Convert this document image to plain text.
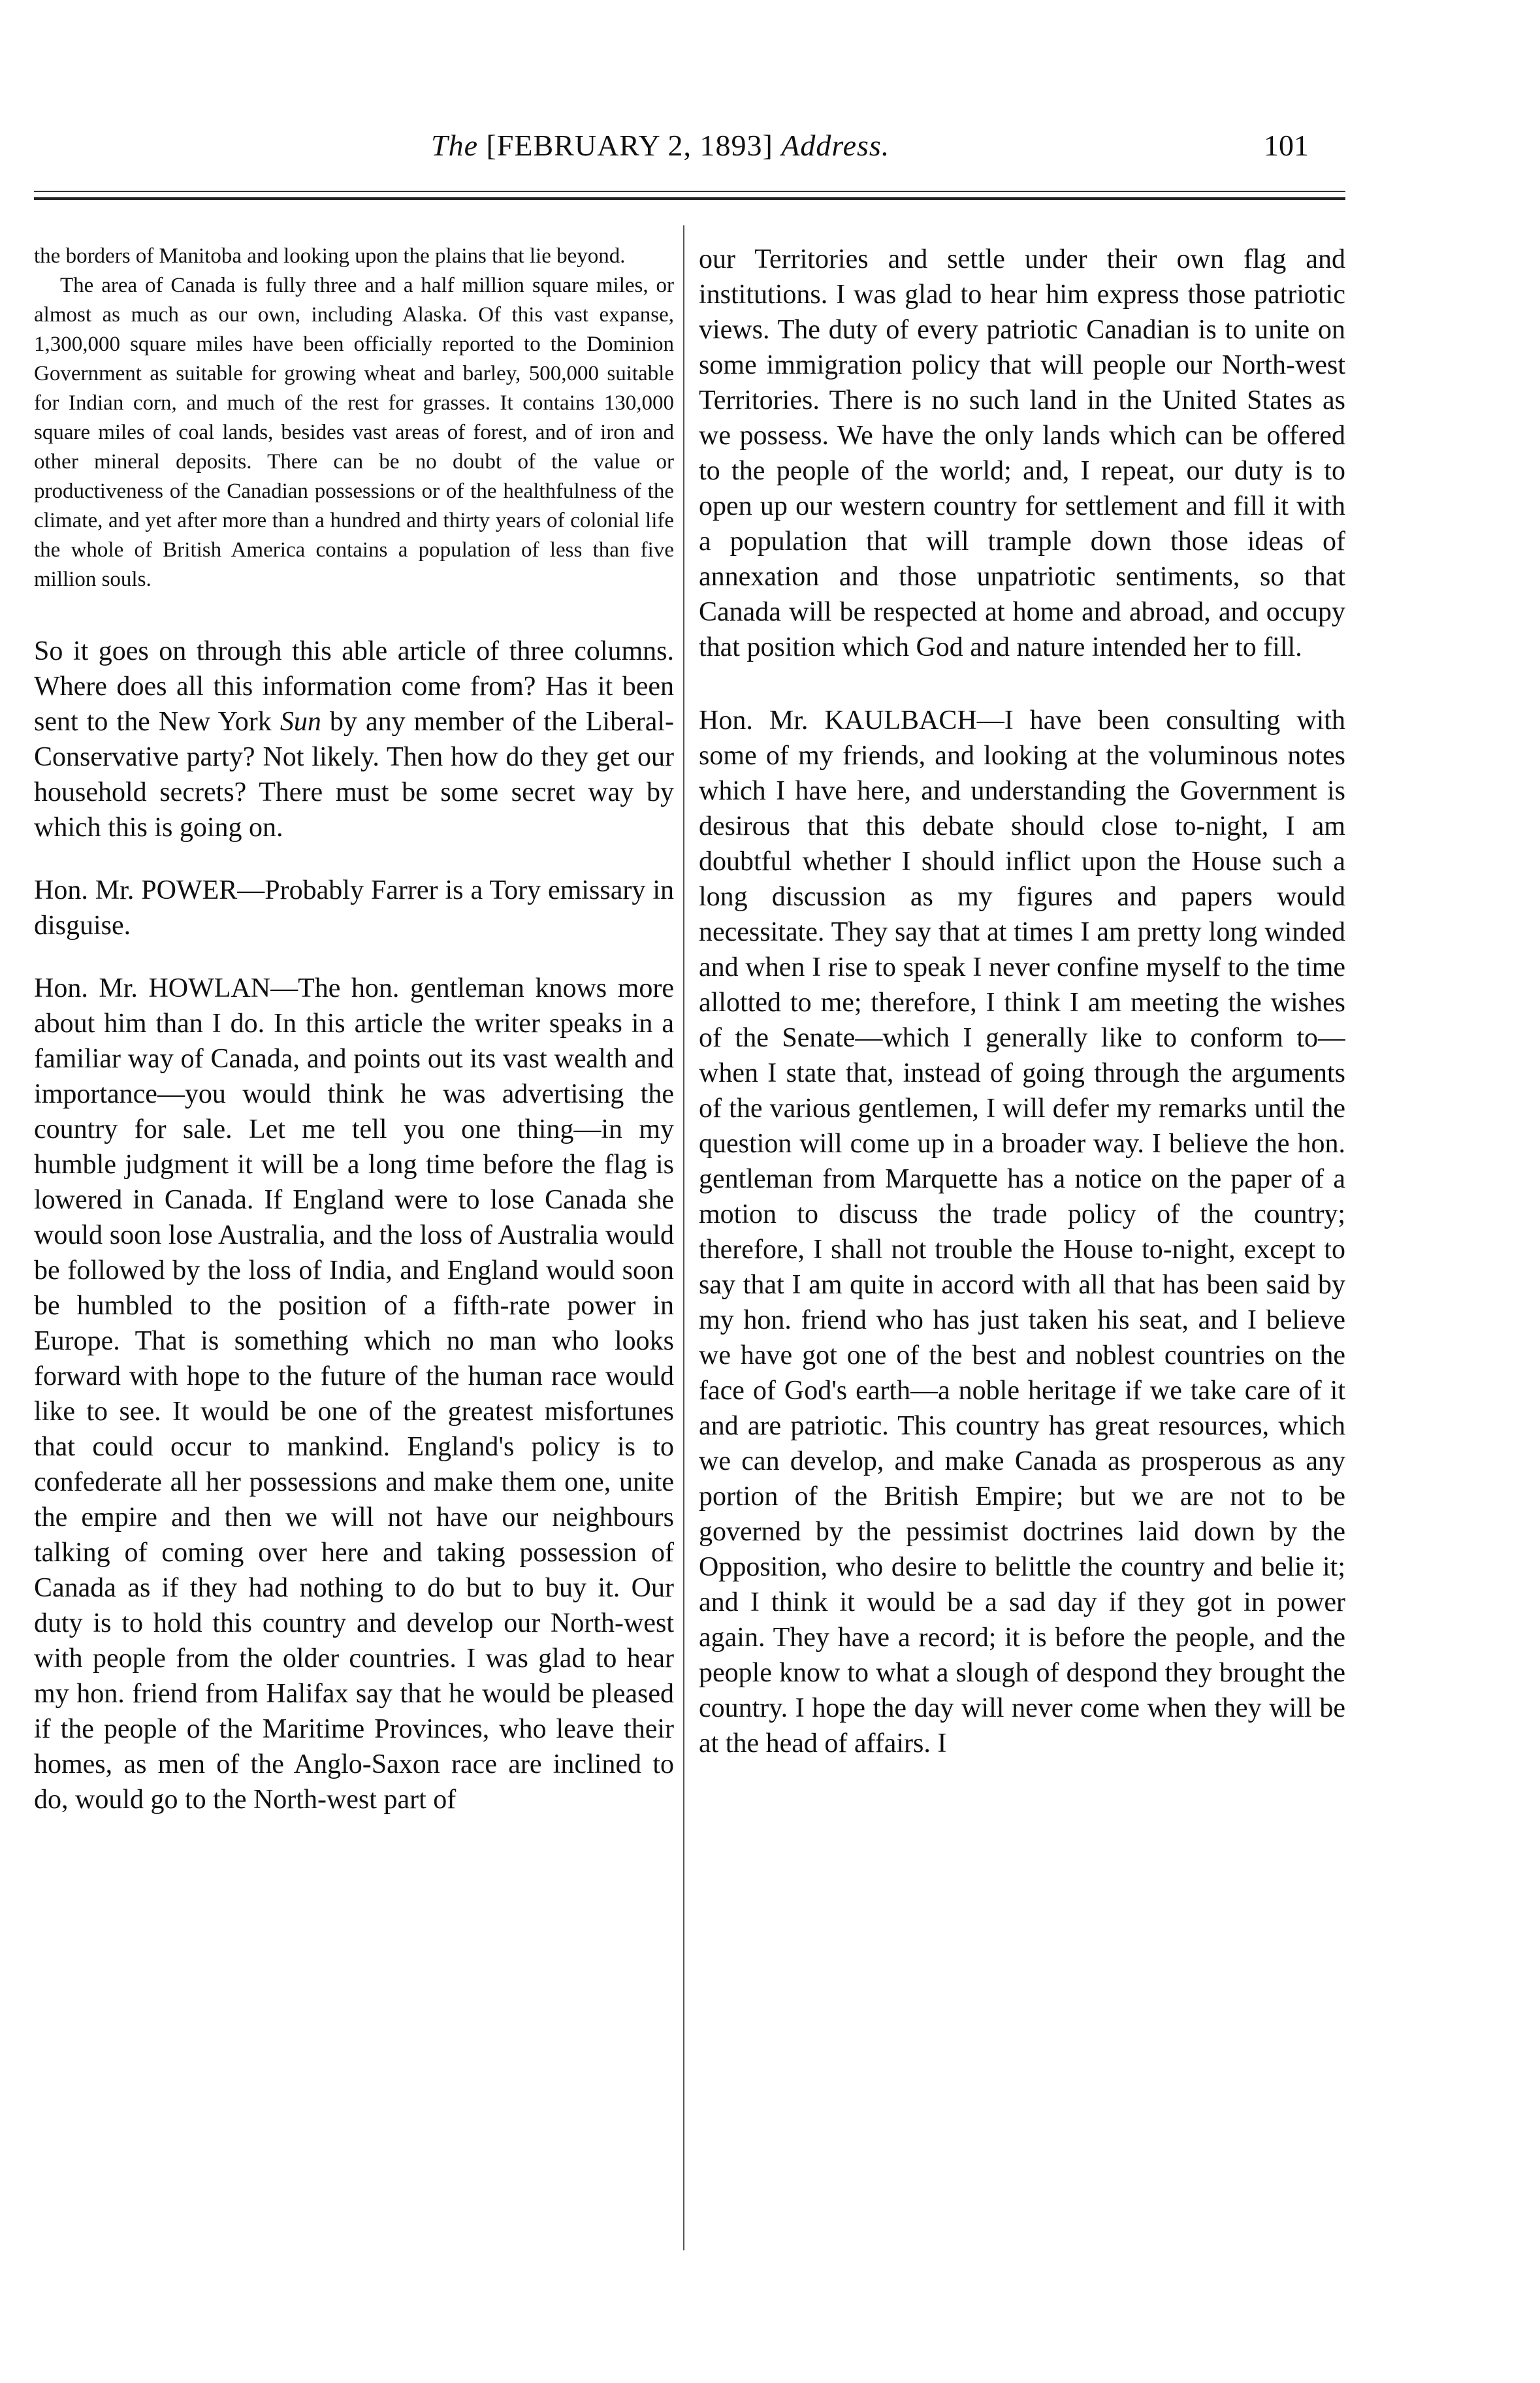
The [FEBRUARY 2, 1893] Address.	101

the borders of Manitoba and looking upon the plains that lie beyond.

The area of Canada is fully three and a half million square miles, or almost as much as our own, including Alaska. Of this vast expanse, 1,300,000 square miles have been officially reported to the Dominion Government as suitable for growing wheat and barley, 500,000 suitable for Indian corn, and much of the rest for grasses. It contains 130,000 square miles of coal lands, besides vast areas of forest, and of iron and other mineral deposits. There can be no doubt of the value or productiveness of the Canadian possessions or of the healthfulness of the climate, and yet after more than a hundred and thirty years of colonial life the whole of British America contains a population of less than five million souls.

So it goes on through this able article of three columns. Where does all this information come from? Has it been sent to the New York Sun by any member of the Liberal-Conservative party? Not likely. Then how do they get our household secrets? There must be some secret way by which this is going on.

Hon. Mr. POWER—Probably Farrer is a Tory emissary in disguise.

Hon. Mr. HOWLAN—The hon. gentleman knows more about him than I do. In this article the writer speaks in a familiar way of Canada, and points out its vast wealth and importance—you would think he was advertising the country for sale. Let me tell you one thing—in my humble judgment it will be a long time before the flag is lowered in Canada. If England were to lose Canada she would soon lose Australia, and the loss of Australia would be followed by the loss of India, and England would soon be humbled to the position of a fifth-rate power in Europe. That is something which no man who looks forward with hope to the future of the human race would like to see. It would be one of the greatest misfortunes that could occur to mankind. England's policy is to confederate all her possessions and make them one, unite the empire and then we will not have our neighbours talking of coming over here and taking possession of Canada as if they had nothing to do but to buy it. Our duty is to hold this country and develop our North-west with people from the older countries. I was glad to hear my hon. friend from Halifax say that he would be pleased if the people of the Maritime Provinces, who leave their homes, as men of the Anglo-Saxon race are inclined to do, would go to the North-west part of

our Territories and settle under their own flag and institutions. I was glad to hear him express those patriotic views. The duty of every patriotic Canadian is to unite on some immigration policy that will people our North-west Territories. There is no such land in the United States as we possess. We have the only lands which can be offered to the people of the world; and, I repeat, our duty is to open up our western country for settlement and fill it with a population that will trample down those ideas of annexation and those unpatriotic sentiments, so that Canada will be respected at home and abroad, and occupy that position which God and nature intended her to fill.

Hon. Mr. KAULBACH—I have been consulting with some of my friends, and looking at the voluminous notes which I have here, and understanding the Government is desirous that this debate should close to-night, I am doubtful whether I should inflict upon the House such a long discussion as my figures and papers would necessitate. They say that at times I am pretty long winded and when I rise to speak I never confine myself to the time allotted to me; therefore, I think I am meeting the wishes of the Senate—which I generally like to conform to—when I state that, instead of going through the arguments of the various gentlemen, I will defer my remarks until the question will come up in a broader way. I believe the hon. gentleman from Marquette has a notice on the paper of a motion to discuss the trade policy of the country; therefore, I shall not trouble the House to-night, except to say that I am quite in accord with all that has been said by my hon. friend who has just taken his seat, and I believe we have got one of the best and noblest countries on the face of God's earth—a noble heritage if we take care of it and are patriotic. This country has great resources, which we can develop, and make Canada as prosperous as any portion of the British Empire; but we are not to be governed by the pessimist doctrines laid down by the Opposition, who desire to belittle the country and belie it; and I think it would be a sad day if they got in power again. They have a record; it is before the people, and the people know to what a slough of despond they brought the country. I hope the day will never come when they will be at the head of affairs. I
